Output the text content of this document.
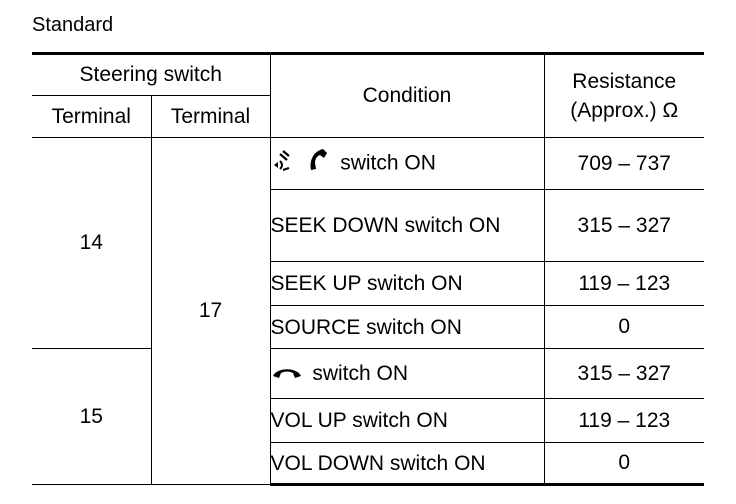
Standard
Steering switch		Condition	Resistance
(Approx.) Ω
Terminal	Terminal		
14	17	switch ON	709 – 737
		SEEK DOWN switch ON	315 – 327
		SEEK UP switch ON	119 – 123
		SOURCE switch ON	0
15		switch ON	315 – 327
		VOL UP switch ON	119 – 123
		VOL DOWN switch ON	0
